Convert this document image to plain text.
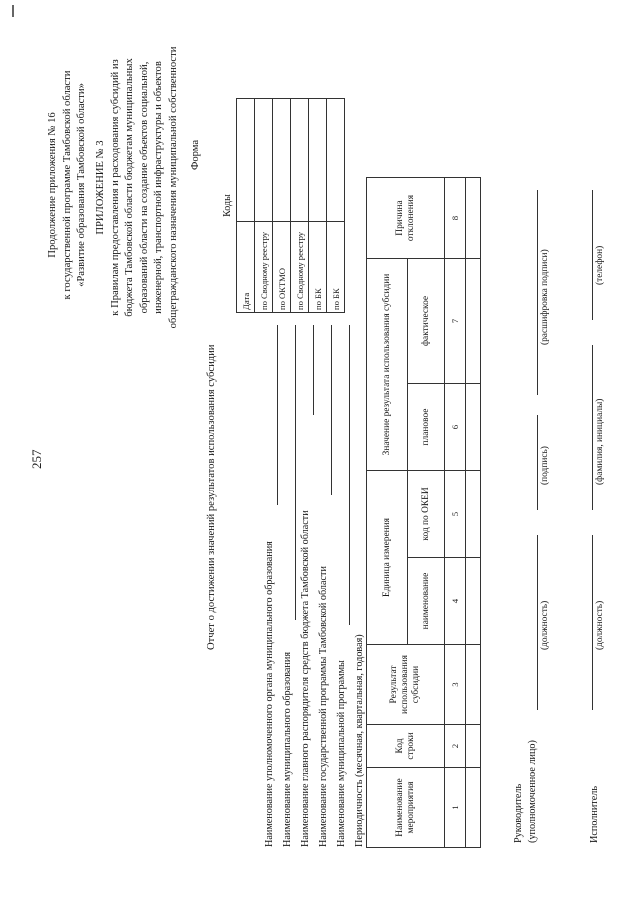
257
Продолжение приложения № 16 к государственной программе Тамбовской области «Развитие образования Тамбовской области» ПРИЛОЖЕНИЕ № 3 к Правилам предоставления и расходования субсидий из бюджета Тамбовской области бюджетам муниципальных образований области на создание объектов социальной, инженерной, транспортной инфраструктуры и объектов общегражданского назначения муниципальной собственности Форма
Отчет о достижении значений результатов использования субсидии
Коды	
Дата	
по Сводному реестру	
по ОКТМО	
по Сводному реестру	
по БК	
по БК	
Наименование уполномоченного органа муниципального образования Наименование муниципального образования Наименование главного распорядителя средств бюджета Тамбовской области Наименование государственной программы Тамбовской области Наименование муниципальной программы Периодичность (месячная, квартальная, годовая)	Наименование мероприятия	Код строки	Результат использования субсидии	Единица измерения		Значение результата использования субсидии		Причина отклонения
			наименование	код по ОКЕИ	плановое	фактическое	
1	2	3	4	5	6	7	8

Руководитель (уполномоченное лицо)
(должность)
(подпись)
(расшифровка подписи)
Исполнитель
(должность)
(фамилия, инициалы)
(телефон)
